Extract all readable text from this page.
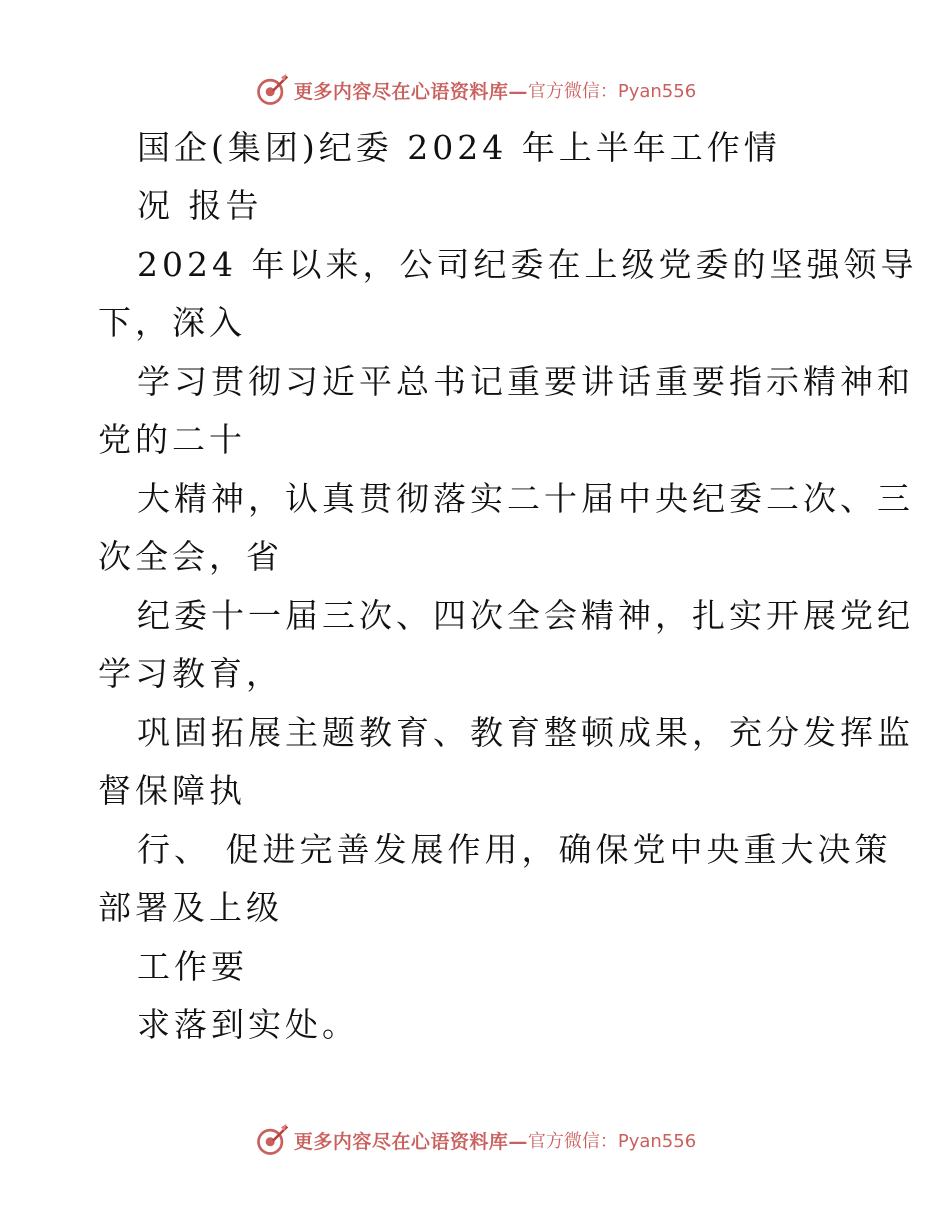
更多内容尽在心语资料库— 官方微信：Pyan556
国企(集团)纪委 2024 年上半年工作情
况 报告
2024 年以来，公司纪委在上级党委的坚强领导
下，深入
学习贯彻习近平总书记重要讲话重要指示精神和
党的二十
大精神，认真贯彻落实二十届中央纪委二次、三
次全会，省
纪委十一届三次、四次全会精神，扎实开展党纪
学习教育，
巩固拓展主题教育、教育整顿成果，充分发挥监
督保障执
行、 促进完善发展作用，确保党中央重大决策
部署及上级
工作要
求落到实处。
更多内容尽在心语资料库— 官方微信：Pyan556
